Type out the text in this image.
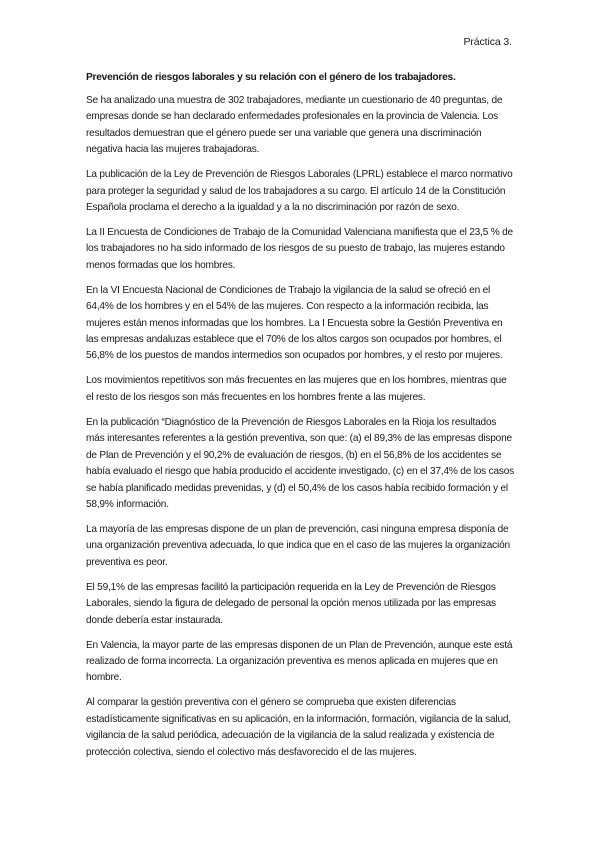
Práctica 3.

Prevención de riesgos laborales y su relación con el género de los trabajadores.

Se ha analizado una muestra de 302 trabajadores, mediante un cuestionario de 40 preguntas, de empresas donde se han declarado enfermedades profesionales en la provincia de Valencia. Los resultados demuestran que el género puede ser una variable que genera una discriminación negativa hacia las mujeres trabajadoras.

La publicación de la Ley de Prevención de Riesgos Laborales (LPRL) establece el marco normativo para proteger la seguridad y salud de los trabajadores a su cargo. El artículo 14 de la Constitución Española proclama el derecho a la igualdad y a la no discriminación por razón de sexo.

La II Encuesta de Condiciones de Trabajo de la Comunidad Valenciana manifiesta que el 23,5 % de los trabajadores no ha sido informado de los riesgos de su puesto de trabajo, las mujeres estando menos formadas que los hombres.

En la VI Encuesta Nacional de Condiciones de Trabajo la vigilancia de la salud se ofreció en el 64,4% de los hombres y en el 54% de las mujeres. Con respecto a la información recibida, las mujeres están menos informadas que los hombres. La I Encuesta sobre la Gestión Preventiva en las empresas andaluzas establece que el 70% de los altos cargos son ocupados por hombres, el 56,8% de los puestos de mandos intermedios son ocupados por hombres, y el resto por mujeres.

Los movimientos repetitivos son más frecuentes en las mujeres que en los hombres, mientras que el resto de los riesgos son más frecuentes en los hombres frente a las mujeres.

En la publicación “Diagnóstico de la Prevención de Riesgos Laborales en la Rioja los resultados más interesantes referentes a la gestión preventiva, son que: (a) el 89,3% de las empresas dispone de Plan de Prevención y el 90,2% de evaluación de riesgos, (b) en el 56,8% de los accidentes se había evaluado el riesgo que había producido el accidente investigado, (c) en el 37,4% de los casos se había planificado medidas prevenidas, y (d) el 50,4% de los casos había recibido formación y el 58,9% información.

La mayoría de las empresas dispone de un plan de prevención, casi ninguna empresa disponía de una organización preventiva adecuada, lo que indica que en el caso de las mujeres la organización preventiva es peor.

El 59,1% de las empresas facilitó la participación requerida en la Ley de Prevención de Riesgos Laborales, siendo la figura de delegado de personal la opción menos utilizada por las empresas donde debería estar instaurada.

En Valencia, la mayor parte de las empresas disponen de un Plan de Prevención, aunque este está realizado de forma incorrecta. La organización preventiva es menos aplicada en mujeres que en hombre.

Al comparar la gestión preventiva con el género se comprueba que existen diferencias estadísticamente significativas en su aplicación, en la información, formación, vigilancia de la salud, vigilancia de la salud periódica, adecuación de la vigilancia de la salud realizada y existencia de protección colectiva, siendo el colectivo más desfavorecido el de las mujeres.
